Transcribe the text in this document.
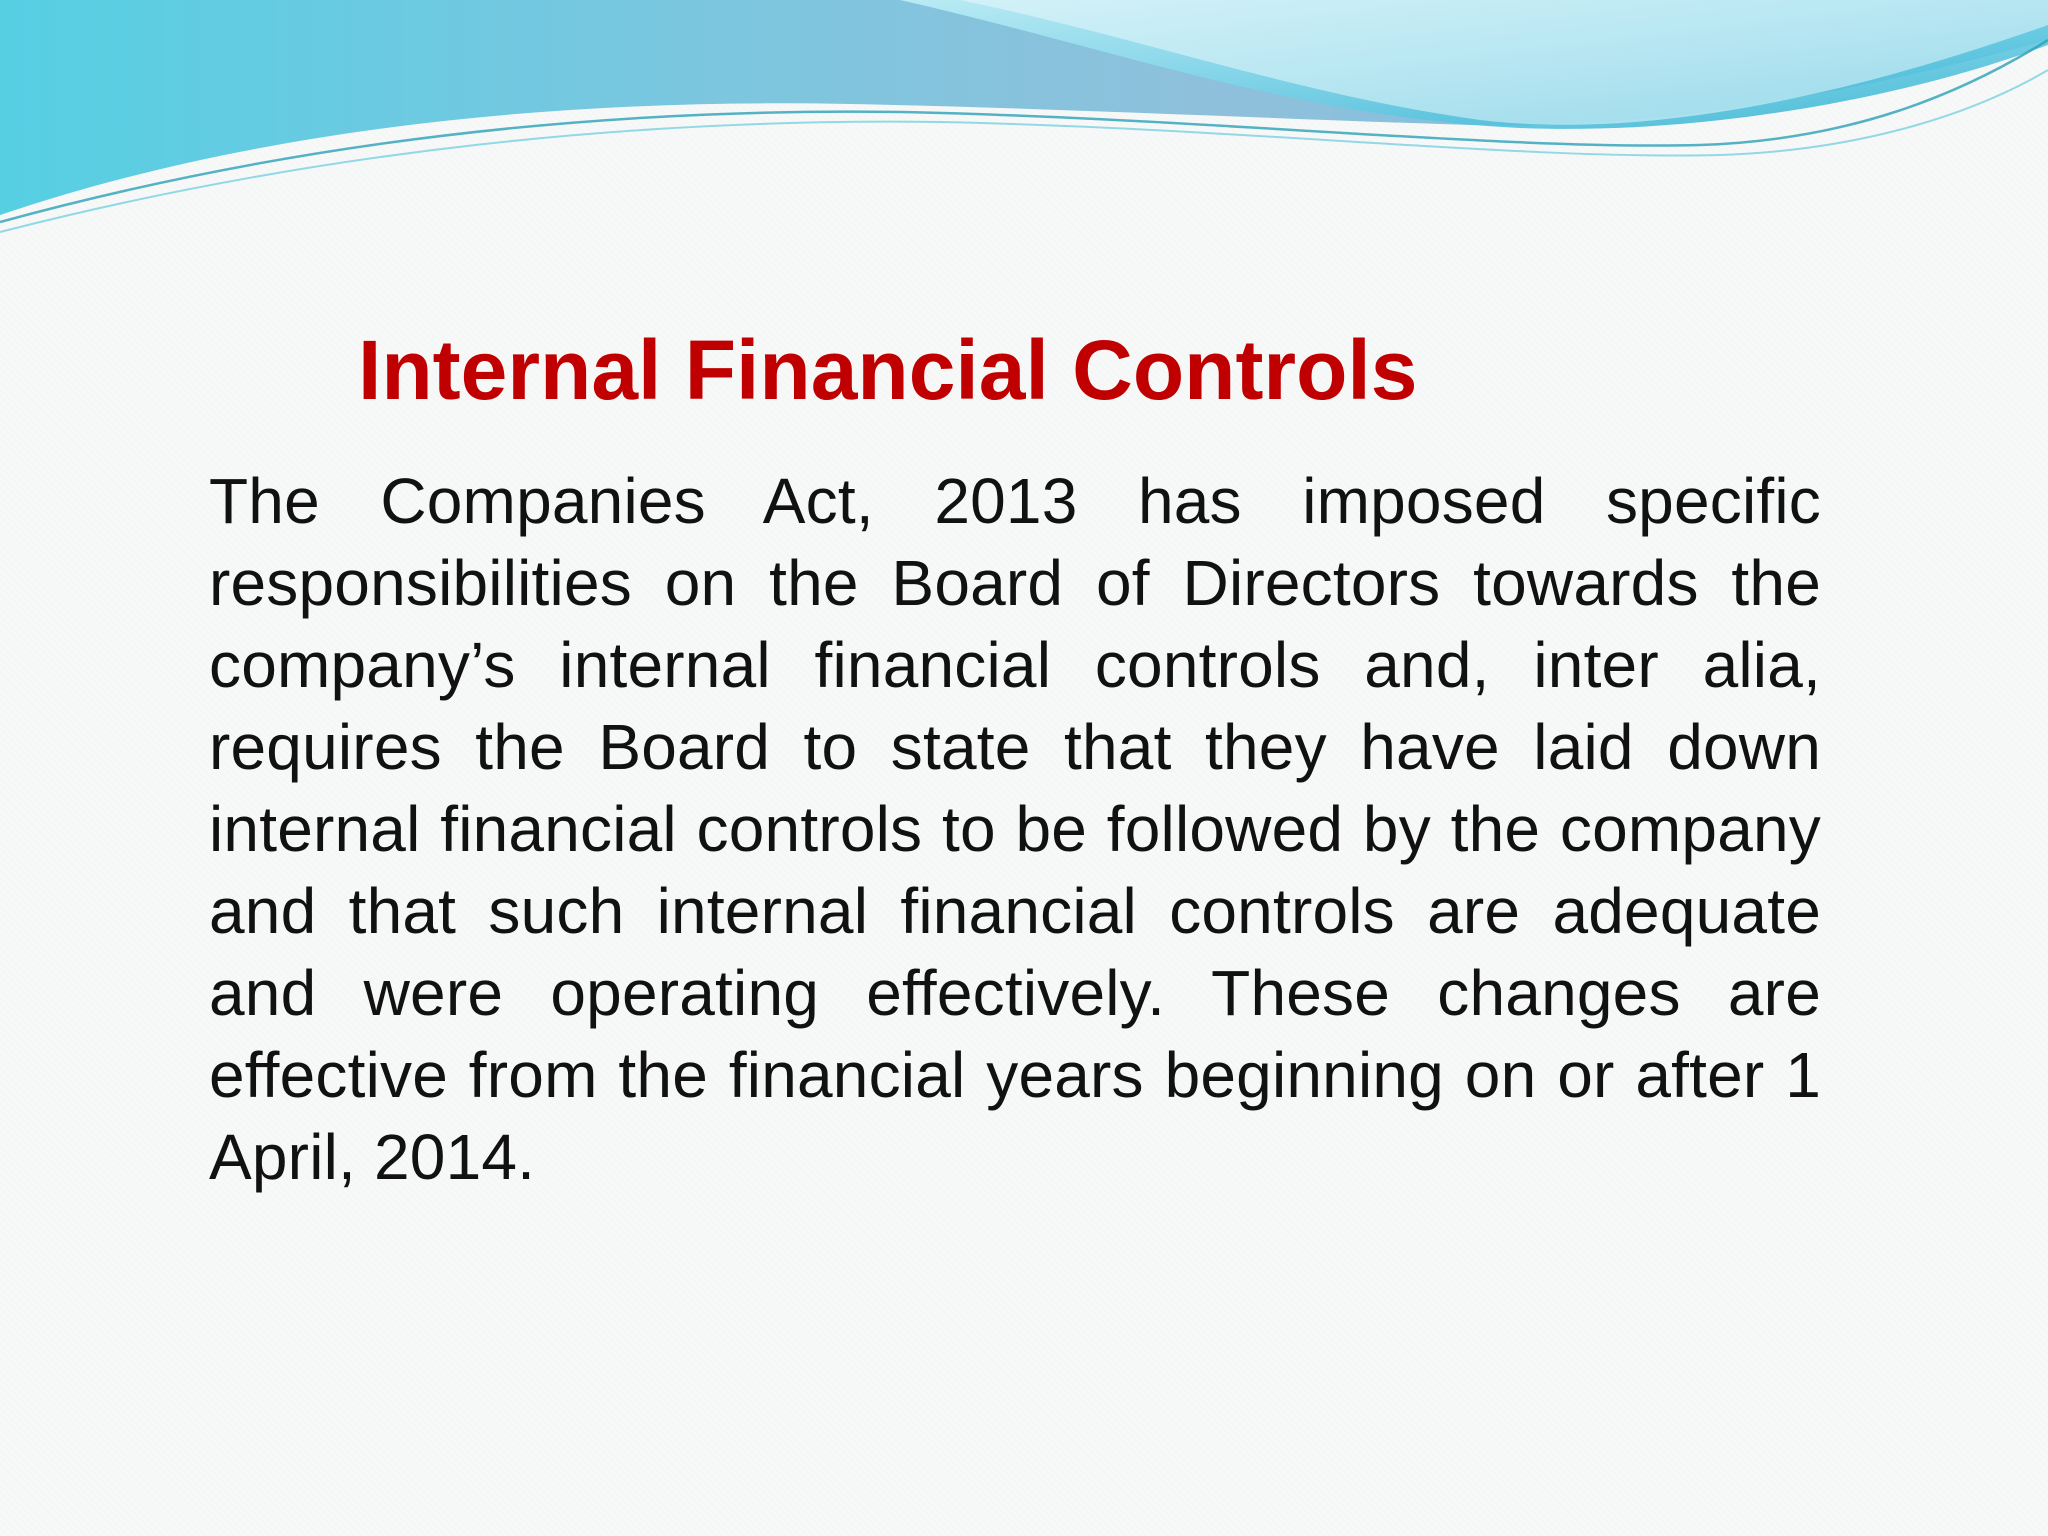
Internal Financial Controls

The Companies Act, 2013 has imposed specific responsibilities on the Board of Directors towards the company’s internal financial controls and, inter alia, requires the Board to state that they have laid down internal financial controls to be followed by the company and that such internal financial controls are adequate and were operating effectively. These changes are effective from the financial years beginning on or after 1 April, 2014.
